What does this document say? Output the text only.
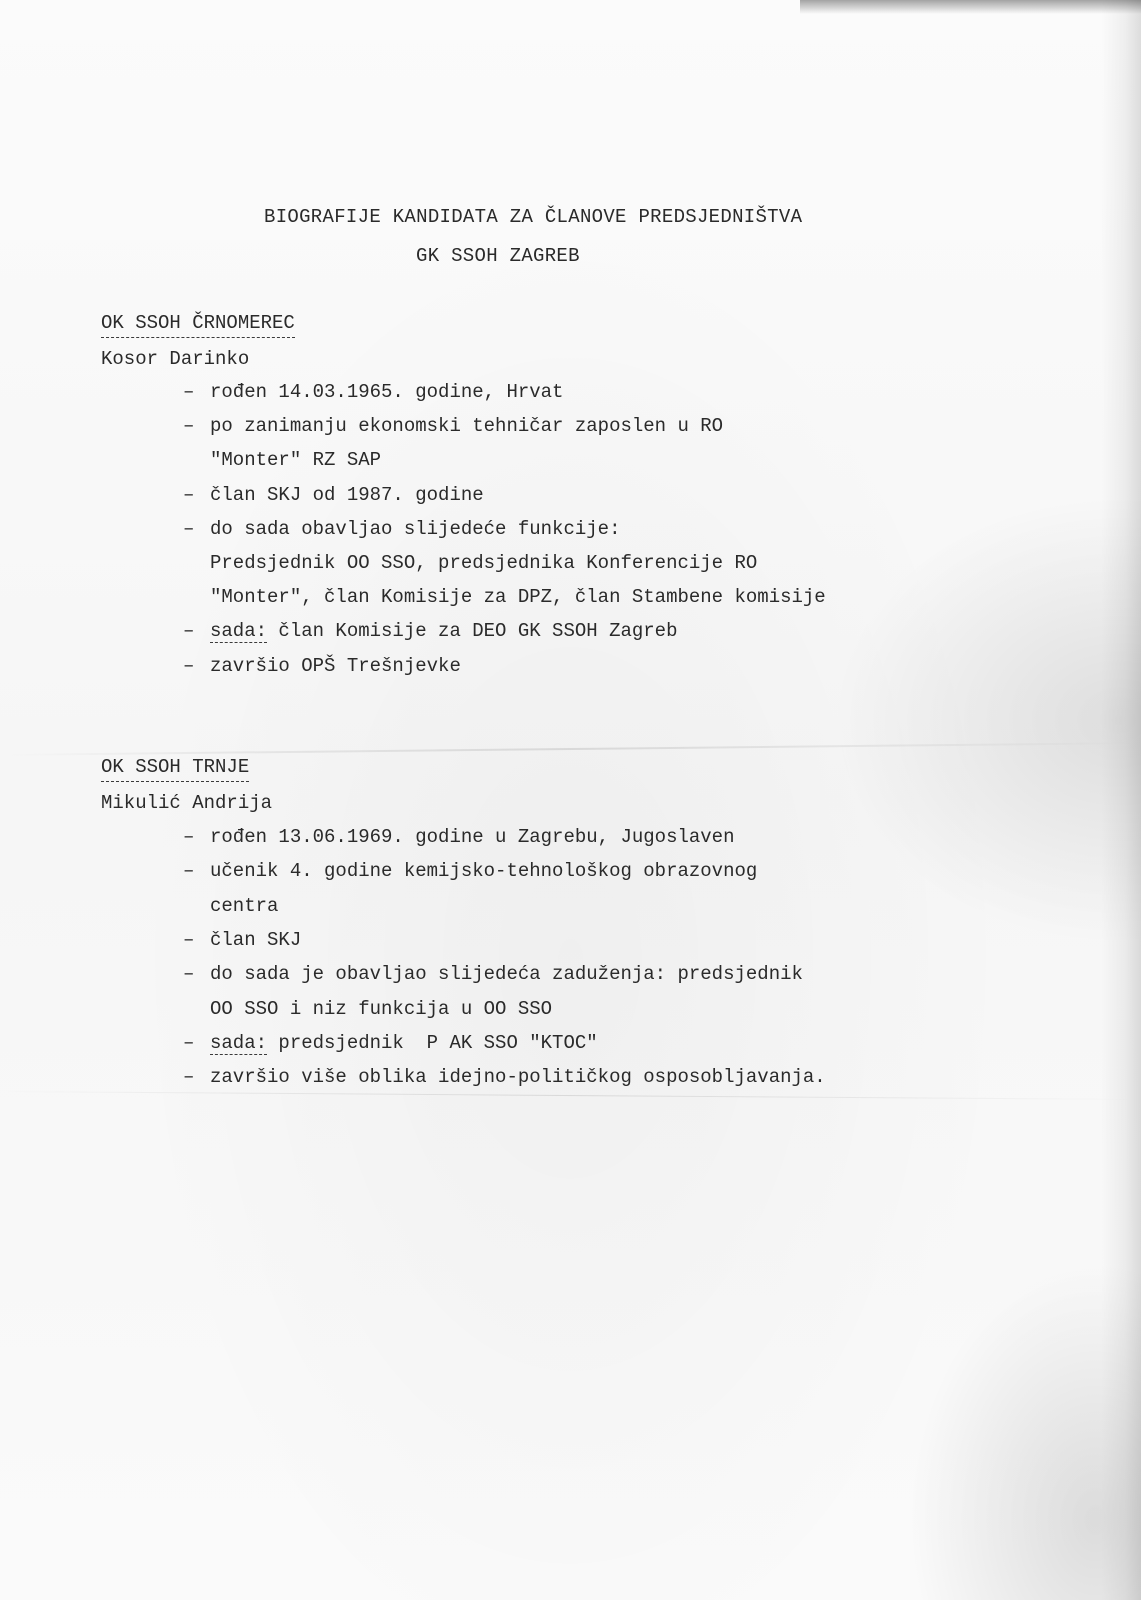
BIOGRAFIJE KANDIDATA ZA ČLANOVE PREDSJEDNIŠTVA
GK SSOH ZAGREB
OK SSOH ČRNOMEREC
Kosor Darinko
– rođen 14.03.1965. godine, Hrvat
– po zanimanju ekonomski tehničar zaposlen u RO
"Monter" RZ SAP
– član SKJ od 1987. godine
– do sada obavljao slijedeće funkcije:
Predsjednik OO SSO, predsjednika Konferencije RO
"Monter", član Komisije za DPZ, član Stambene komisije
– sada: član Komisije za DEO GK SSOH Zagreb
– završio OPŠ Trešnjevke
OK SSOH TRNJE
Mikulić Andrija
– rođen 13.06.1969. godine u Zagrebu, Jugoslaven
– učenik 4. godine kemijsko-tehnološkog obrazovnog
centra
– član SKJ
– do sada je obavljao slijedeća zaduženja: predsjednik
OO SSO i niz funkcija u OO SSO
– sada: predsjednik  P AK SSO "KTOC"
– završio više oblika idejno-političkog osposobljavanja.
